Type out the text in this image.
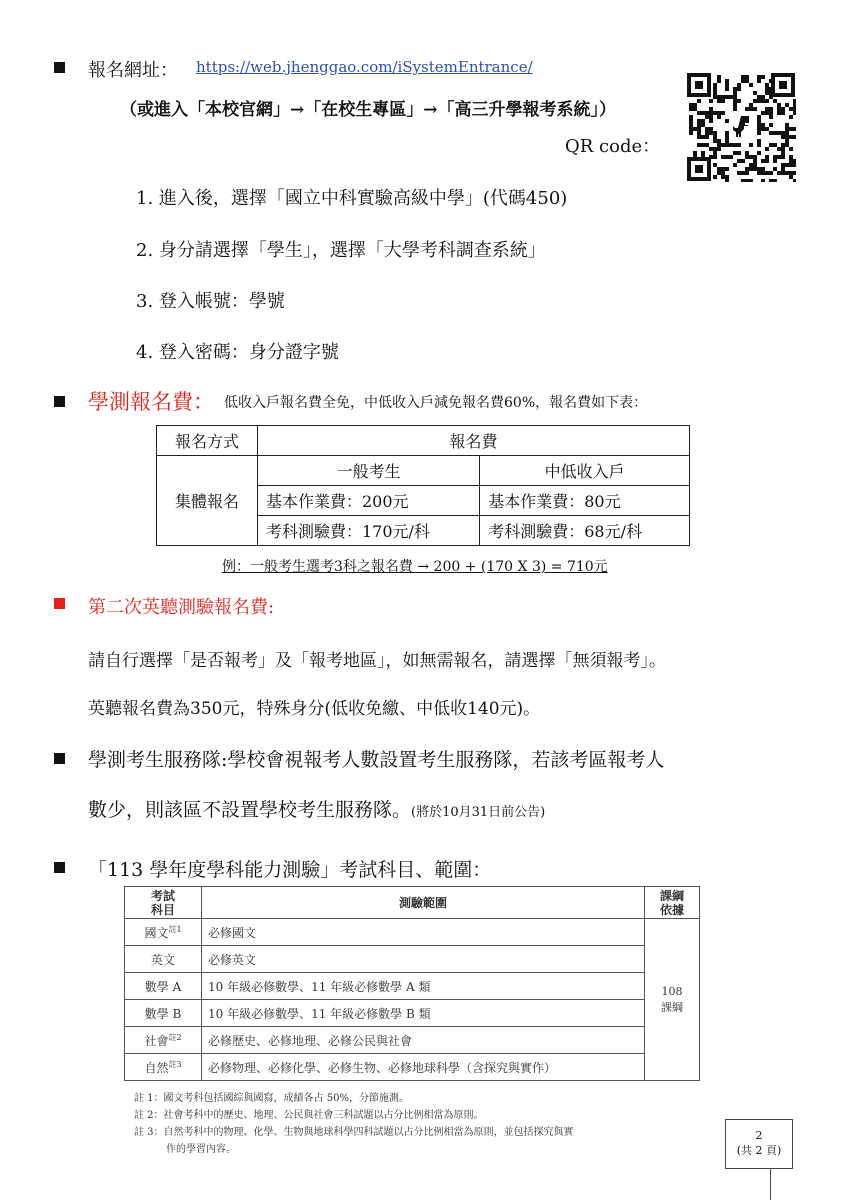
報名網址： https://web.jhenggao.com/iSystemEntrance/
（或進入「本校官網」→「在校生專區」→「高三升學報考系統」）
QR code：
1. 進入後，選擇「國立中科實驗高級中學」(代碼450)
2. 身分請選擇「學生」，選擇「大學考科調查系統」
3. 登入帳號：學號
4. 登入密碼：身分證字號
學測報名費： 低收入戶報名費全免，中低收入戶減免報名費60%，報名費如下表：
報名方式	報名費	
集體報名	一般考生	中低收入戶
	基本作業費：200元	基本作業費：80元
	考科測驗費：170元/科	考科測驗費：68元/科
例：一般考生選考3科之報名費 → 200 + (170 X 3) = 710元
第二次英聽測驗報名費:
請自行選擇「是否報考」及「報考地區」，如無需報名，請選擇「無須報考」。
英聽報名費為350元，特殊身分(低收免繳、中低收140元)。
學測考生服務隊:學校會視報考人數設置考生服務隊，若該考區報考人
數少，則該區不設置學校考生服務隊。(將於10月31日前公告)
「113 學年度學科能力測驗」考試科目、範圍：
考試
科目	測驗範圍	課綱
依據
國文$^{註1}$	必修國文	108
課綱
英文	必修英文	
數學 A	10 年級必修數學、11 年級必修數學 A 類	
數學 B	10 年級必修數學、11 年級必修數學 B 類	
社會$^{註2}$	必修歷史、必修地理、必修公民與社會	
自然$^{註3}$	必修物理、必修化學、必修生物、必修地球科學（含探究與實作）	
註 1：國文考科包括國綜與國寫，成績各占 50%，分節施測。
註 2：社會考科中的歷史、地理、公民與社會三科試題以占分比例相當為原則。
註 3：自然考科中的物理、化學、生物與地球科學四科試題以占分比例相當為原則，並包括探究與實
作的學習內容。
2
(共 2 頁)
